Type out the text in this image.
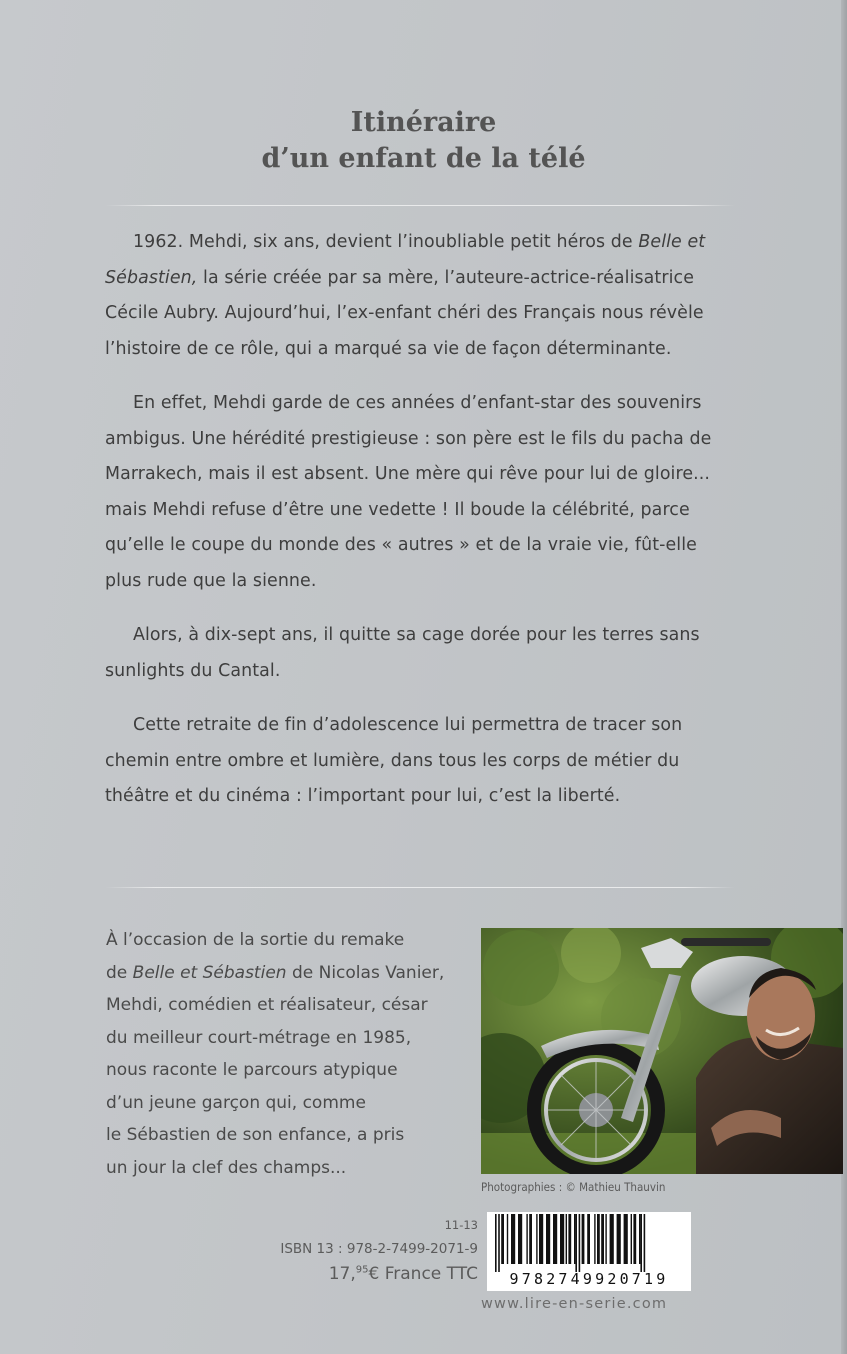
Itinéraire
d’un enfant de la télé

1962. Mehdi, six ans, devient l’inoubliable petit héros de Belle et
Sébastien, la série créée par sa mère, l’auteure-actrice-réalisatrice
Cécile Aubry. Aujourd’hui, l’ex-enfant chéri des Français nous révèle
l’histoire de ce rôle, qui a marqué sa vie de façon déterminante.

En effet, Mehdi garde de ces années d’enfant-star des souvenirs
ambigus. Une hérédité prestigieuse : son père est le fils du pacha de
Marrakech, mais il est absent. Une mère qui rêve pour lui de gloire...
mais Mehdi refuse d’être une vedette ! Il boude la célébrité, parce
qu’elle le coupe du monde des « autres » et de la vraie vie, fût-elle
plus rude que la sienne.

Alors, à dix-sept ans, il quitte sa cage dorée pour les terres sans
sunlights du Cantal.

Cette retraite de fin d’adolescence lui permettra de tracer son
chemin entre ombre et lumière, dans tous les corps de métier du
théâtre et du cinéma : l’important pour lui, c’est la liberté.

À l’occasion de la sortie du remake
de Belle et Sébastien de Nicolas Vanier,
Mehdi, comédien et réalisateur, césar
du meilleur court-métrage en 1985,
nous raconte le parcours atypique
d’un jeune garçon qui, comme
le Sébastien de son enfance, a pris
un jour la clef des champs...
Photographies : © Mathieu Thauvin
11-13
ISBN 13 : 978-2-7499-2071-9
17,95€ France TTC	9782749920719
www.lire-en-serie.com
